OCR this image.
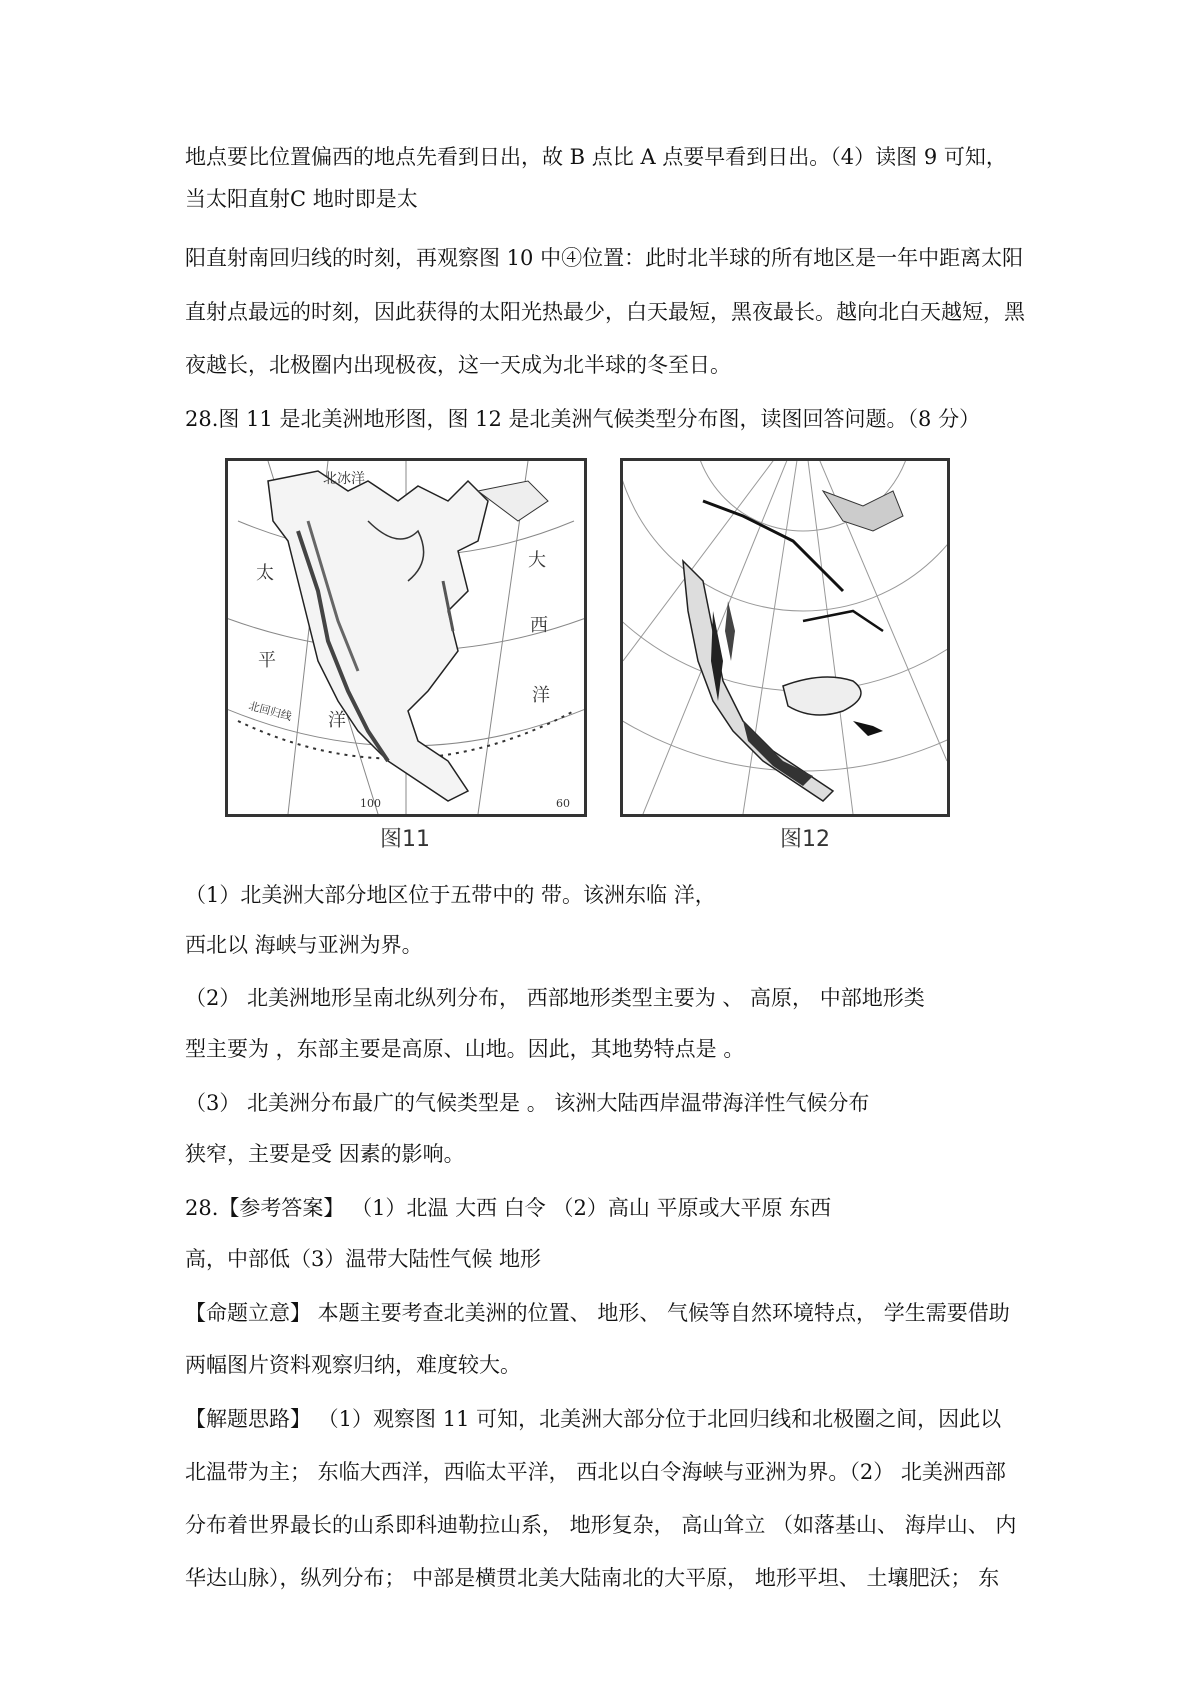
地点要比位置偏西的地点先看到日出，故 B 点比 A 点要早看到日出。（4）读图 9 可知，
当太阳直射C 地时即是太
阳直射南回归线的时刻，再观察图 10 中④位置：此时北半球的所有地区是一年中距离太阳
直射点最远的时刻，因此获得的太阳光热最少，白天最短，黑夜最长。越向北白天越短，黑
夜越长，北极圈内出现极夜，这一天成为北半球的冬至日。
28.图 11 是北美洲地形图，图 12 是北美洲气候类型分布图，读图回答问题。（8 分）
太
平
洋
大
西
洋
北冰洋
北回归线
100	60
图11	图12
（1）北美洲大部分地区位于五带中的 带。该洲东临 洋，
西北以 海峡与亚洲为界。
（2） 北美洲地形呈南北纵列分布， 西部地形类型主要为 、 高原， 中部地形类
型主要为 ，东部主要是高原、山地。因此，其地势特点是 。
（3） 北美洲分布最广的气候类型是 。 该洲大陆西岸温带海洋性气候分布
狭窄，主要是受 因素的影响。
28.【参考答案】 （1）北温 大西 白令 （2）高山 平原或大平原 东西
高，中部低（3）温带大陆性气候 地形
【命题立意】 本题主要考查北美洲的位置、 地形、 气候等自然环境特点， 学生需要借助
两幅图片资料观察归纳，难度较大。
【解题思路】 （1）观察图 11 可知，北美洲大部分位于北回归线和北极圈之间，因此以
北温带为主； 东临大西洋，西临太平洋， 西北以白令海峡与亚洲为界。（2） 北美洲西部
分布着世界最长的山系即科迪勒拉山系， 地形复杂， 高山耸立 （如落基山、 海岸山、 内
华达山脉），纵列分布； 中部是横贯北美大陆南北的大平原， 地形平坦、 土壤肥沃； 东
